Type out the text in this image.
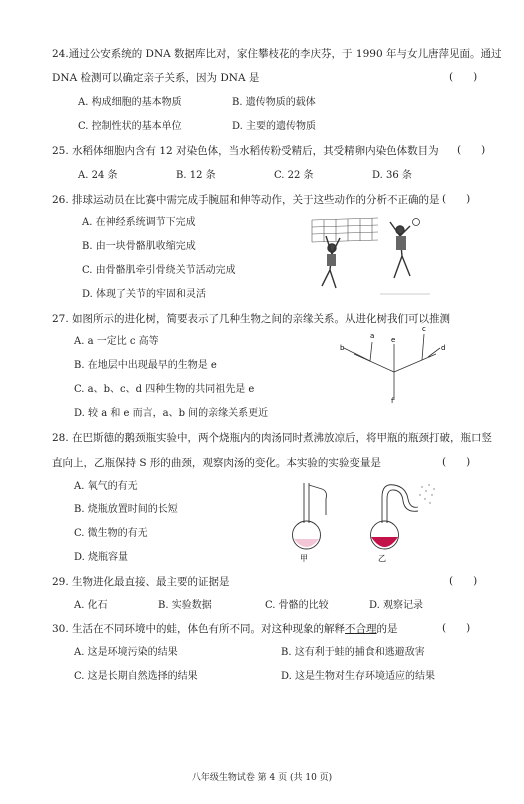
24.通过公安系统的 DNA 数据库比对，家住攀枝花的李庆芬，于 1990 年与女儿唐萍见面。通过
DNA 检测可以确定亲子关系，因为 DNA 是	(      )
A. 构成细胞的基本物质	B. 遗传物质的载体
C. 控制性状的基本单位	D. 主要的遗传物质
25. 水稻体细胞内含有 12 对染色体，当水稻传粉受精后，其受精卵内染色体数目为 (      )
A. 24 条	B. 12 条	C. 22 条	D. 36 条
26. 排球运动员在比赛中需完成手腕屈和伸等动作，关于这些动作的分析不正确的是 (      )
A. 在神经系统调节下完成
B. 由一块骨骼肌收缩完成
C. 由骨骼肌牵引骨绕关节活动完成
D. 体现了关节的牢固和灵活
27. 如图所示的进化树，简要表示了几种生物之间的亲缘关系。从进化树我们可以推测
A. a 一定比 c 高等
B. 在地层中出现最早的生物是 e
C. a、b、c、d 四种生物的共同祖先是 e
D. 较 a 和 e 而言，a、b 间的亲缘关系更近
b
a e
c
d
f
28. 在巴斯德的鹅颈瓶实验中，两个烧瓶内的肉汤同时煮沸放凉后，将甲瓶的瓶颈打破，瓶口竖
直向上，乙瓶保持 S 形的曲颈，观察肉汤的变化。本实验的实验变量是	(      )
A. 氧气的有无
B. 烧瓶放置时间的长短
C. 微生物的有无
D. 烧瓶容量	甲	乙
29. 生物进化最直接、最主要的证据是	(      )
A. 化石	B. 实验数据	C. 骨骼的比较	D. 观察记录
30. 生活在不同环境中的蛙，体色有所不同。对这种现象的解释不合理的是	(      )
A. 这是环境污染的结果	B. 这有利于蛙的捕食和逃避敌害
C. 这是长期自然选择的结果	D. 这是生物对生存环境适应的结果
八年级生物试卷 第 4 页 (共 10 页)
